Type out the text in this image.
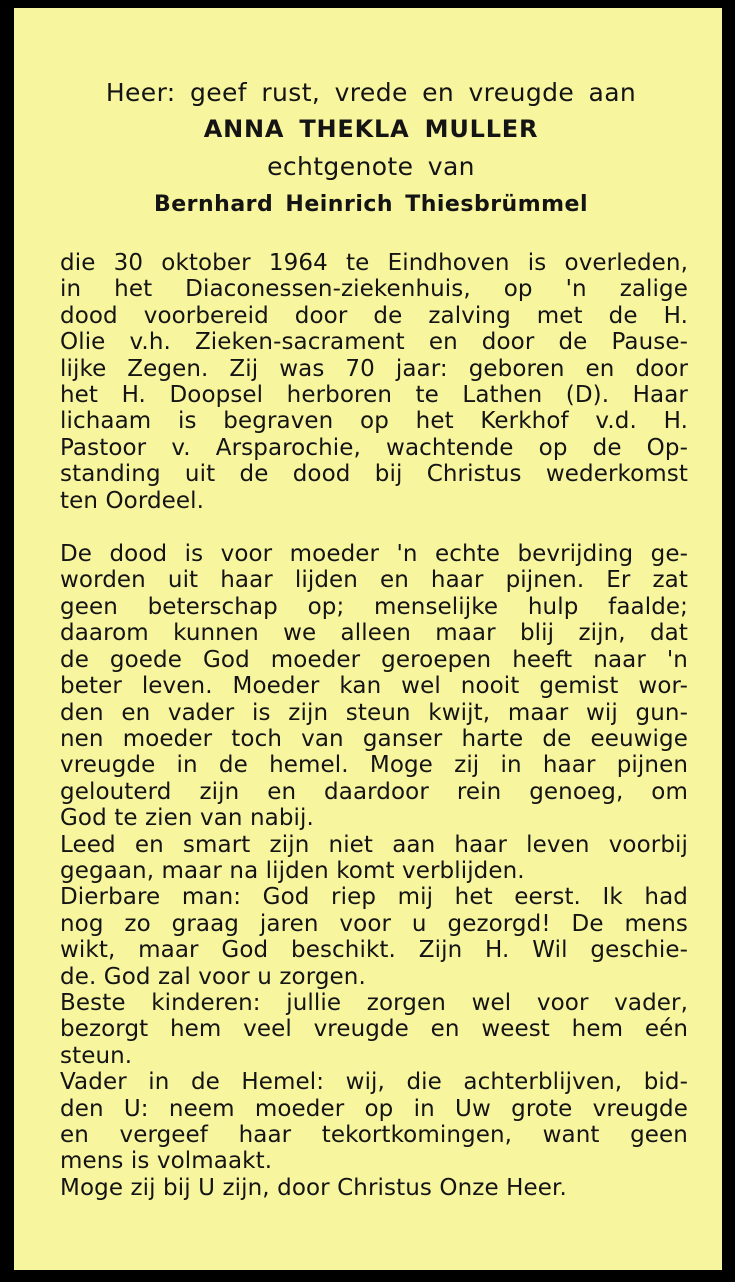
Heer: geef rust, vrede en vreugde aan
ANNA THEKLA MULLER
echtgenote van
Bernhard Heinrich Thiesbrümmel
die 30 oktober 1964 te Eindhoven is overleden,
in het Diaconessen-ziekenhuis, op 'n zalige
dood voorbereid door de zalving met de H.
Olie v.h. Zieken-sacrament en door de Pause-
lijke Zegen. Zij was 70 jaar: geboren en door
het H. Doopsel herboren te Lathen (D). Haar
lichaam is begraven op het Kerkhof v.d. H.
Pastoor v. Arsparochie, wachtende op de Op-
standing uit de dood bij Christus wederkomst
ten Oordeel.
De dood is voor moeder 'n echte bevrijding ge-
worden uit haar lijden en haar pijnen. Er zat
geen beterschap op; menselijke hulp faalde;
daarom kunnen we alleen maar blij zijn, dat
de goede God moeder geroepen heeft naar 'n
beter leven. Moeder kan wel nooit gemist wor-
den en vader is zijn steun kwijt, maar wij gun-
nen moeder toch van ganser harte de eeuwige
vreugde in de hemel. Moge zij in haar pijnen
gelouterd zijn en daardoor rein genoeg, om
God te zien van nabij.
Leed en smart zijn niet aan haar leven voorbij
gegaan, maar na lijden komt verblijden.
Dierbare man: God riep mij het eerst. Ik had
nog zo graag jaren voor u gezorgd! De mens
wikt, maar God beschikt. Zijn H. Wil geschie-
de. God zal voor u zorgen.
Beste kinderen: jullie zorgen wel voor vader,
bezorgt hem veel vreugde en weest hem eén
steun.
Vader in de Hemel: wij, die achterblijven, bid-
den U: neem moeder op in Uw grote vreugde
en vergeef haar tekortkomingen, want geen
mens is volmaakt.
Moge zij bij U zijn, door Christus Onze Heer.
